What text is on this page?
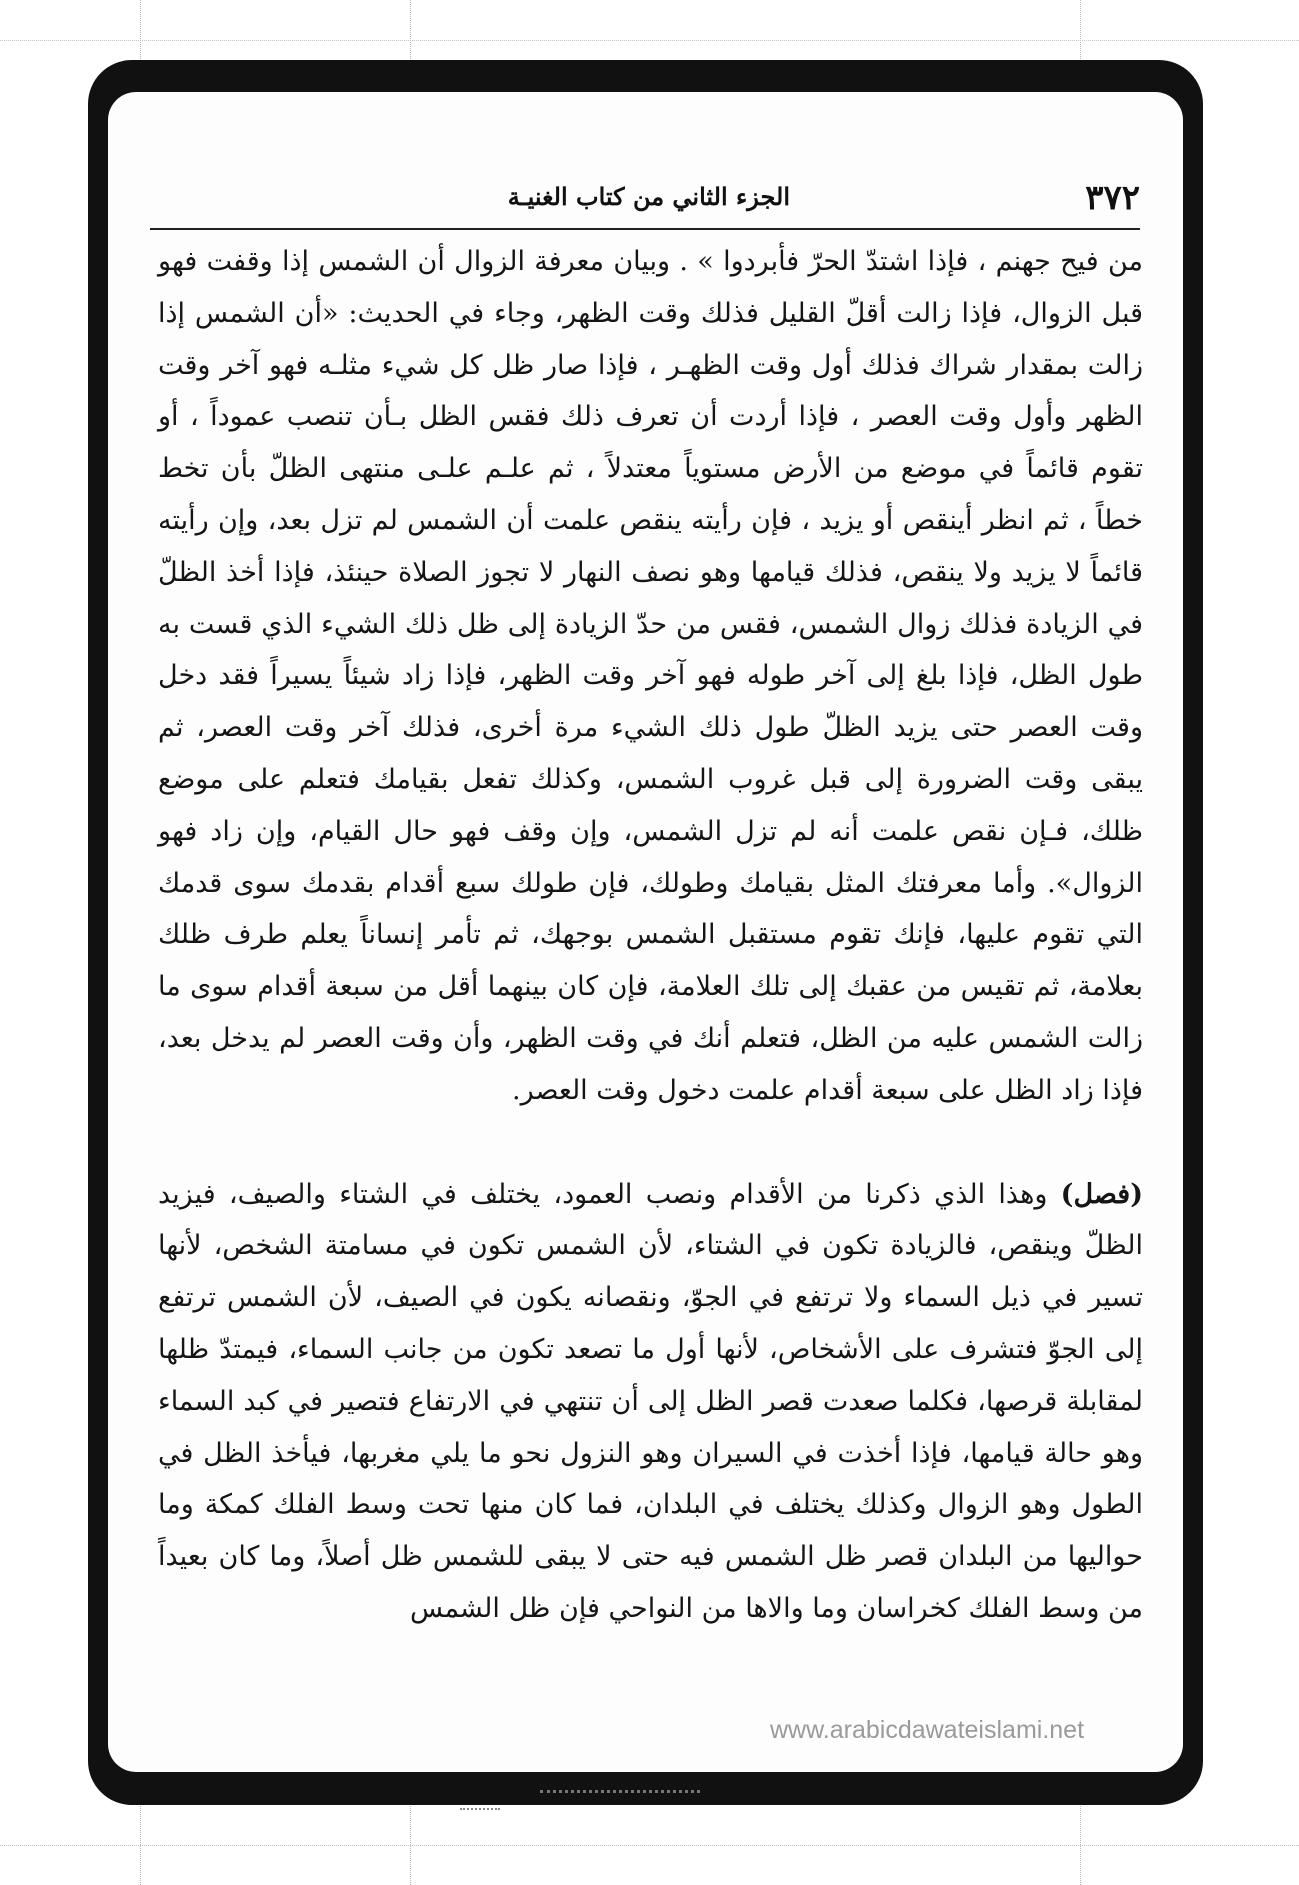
٣٧٢
الجزء الثاني من كتاب الغنيـة

من فيح جهنم ، فإذا اشتدّ الحرّ فأبردوا » . وبيان معرفة الزوال أن الشمس إذا وقفت فهو قبل الزوال، فإذا زالت أقلّ القليل فذلك وقت الظهر، وجاء في الحديث: «أن الشمس إذا زالت بمقدار شراك فذلك أول وقت الظهـر ، فإذا صار ظل كل شيء مثلـه فهو آخر وقت الظهر وأول وقت العصر ، فإذا أردت أن تعرف ذلك فقس الظل بـأن تنصب عموداً ، أو تقوم قائماً في موضع من الأرض مستوياً معتدلاً ، ثم علـم علـى منتهى الظلّ بأن تخط خطاً ، ثم انظر أينقص أو يزيد ، فإن رأيته ينقص علمت أن الشمس لم تزل بعد، وإن رأيته قائماً لا يزيد ولا ينقص، فذلك قيامها وهو نصف النهار لا تجوز الصلاة حينئذ، فإذا أخذ الظلّ في الزيادة فذلك زوال الشمس، فقس من حدّ الزيادة إلى ظل ذلك الشيء الذي قست به طول الظل، فإذا بلغ إلى آخر طوله فهو آخر وقت الظهر، فإذا زاد شيئاً يسيراً فقد دخل وقت العصر حتى يزيد الظلّ طول ذلك الشيء مرة أخرى، فذلك آخر وقت العصر، ثم يبقى وقت الضرورة إلى قبل غروب الشمس، وكذلك تفعل بقيامك فتعلم على موضع ظلك، فـإن نقص علمت أنه لم تزل الشمس، وإن وقف فهو حال القيام، وإن زاد فهو الزوال». وأما معرفتك المثل بقيامك وطولك، فإن طولك سبع أقدام بقدمك سوى قدمك التي تقوم عليها، فإنك تقوم مستقبل الشمس بوجهك، ثم تأمر إنساناً يعلم طرف ظلك بعلامة، ثم تقيس من عقبك إلى تلك العلامة، فإن كان بينهما أقل من سبعة أقدام سوى ما زالت الشمس عليه من الظل، فتعلم أنك في وقت الظهر، وأن وقت العصر لم يدخل بعد، فإذا زاد الظل على سبعة أقدام علمت دخول وقت العصر.

(فصل) وهذا الذي ذكرنا من الأقدام ونصب العمود، يختلف في الشتاء والصيف، فيزيد الظلّ وينقص، فالزيادة تكون في الشتاء، لأن الشمس تكون في مسامتة الشخص، لأنها تسير في ذيل السماء ولا ترتفع في الجوّ، ونقصانه يكون في الصيف، لأن الشمس ترتفع إلى الجوّ فتشرف على الأشخاص، لأنها أول ما تصعد تكون من جانب السماء، فيمتدّ ظلها لمقابلة قرصها، فكلما صعدت قصر الظل إلى أن تنتهي في الارتفاع فتصير في كبد السماء وهو حالة قيامها، فإذا أخذت في السيران وهو النزول نحو ما يلي مغربها، فيأخذ الظل في الطول وهو الزوال وكذلك يختلف في البلدان، فما كان منها تحت وسط الفلك كمكة وما حواليها من البلدان قصر ظل الشمس فيه حتى لا يبقى للشمس ظل أصلاً، وما كان بعيداً من وسط الفلك كخراسان وما والاها من النواحي فإن ظل الشمس

www.arabicdawateislami.net
